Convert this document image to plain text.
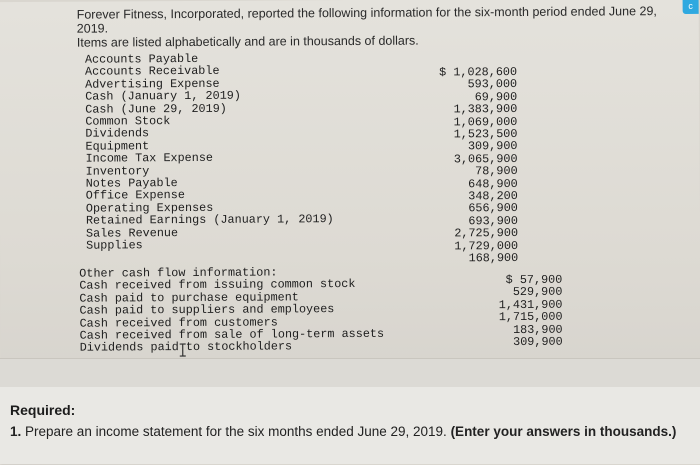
c
Forever Fitness, Incorporated, reported the following information for the six-month period ended June 29, 2019.
Items are listed alphabetically and are in thousands of dollars.
Accounts Payable
Accounts Receivable
Advertising Expense
Cash (January 1, 2019)
Cash (June 29, 2019)
Common Stock
Dividends
Equipment
Income Tax Expense
Inventory
Notes Payable
Office Expense
Operating Expenses
Retained Earnings (January 1, 2019)
Sales Revenue
Supplies
$ 1,028,600
593,000
69,900
1,383,900
1,069,000
1,523,500
309,900
3,065,900
78,900
648,900
348,200
656,900
693,900
2,725,900
1,729,000
168,900
Other cash flow information:
Cash received from issuing common stock
Cash paid to purchase equipment
Cash paid to suppliers and employees
Cash received from customers
Cash received from sale of long-term assets
Dividends paid to stockholders
$ 57,900
529,900
1,431,900
1,715,000
183,900
309,900
Required:
1. Prepare an income statement for the six months ended June 29, 2019. (Enter your answers in thousands.)
